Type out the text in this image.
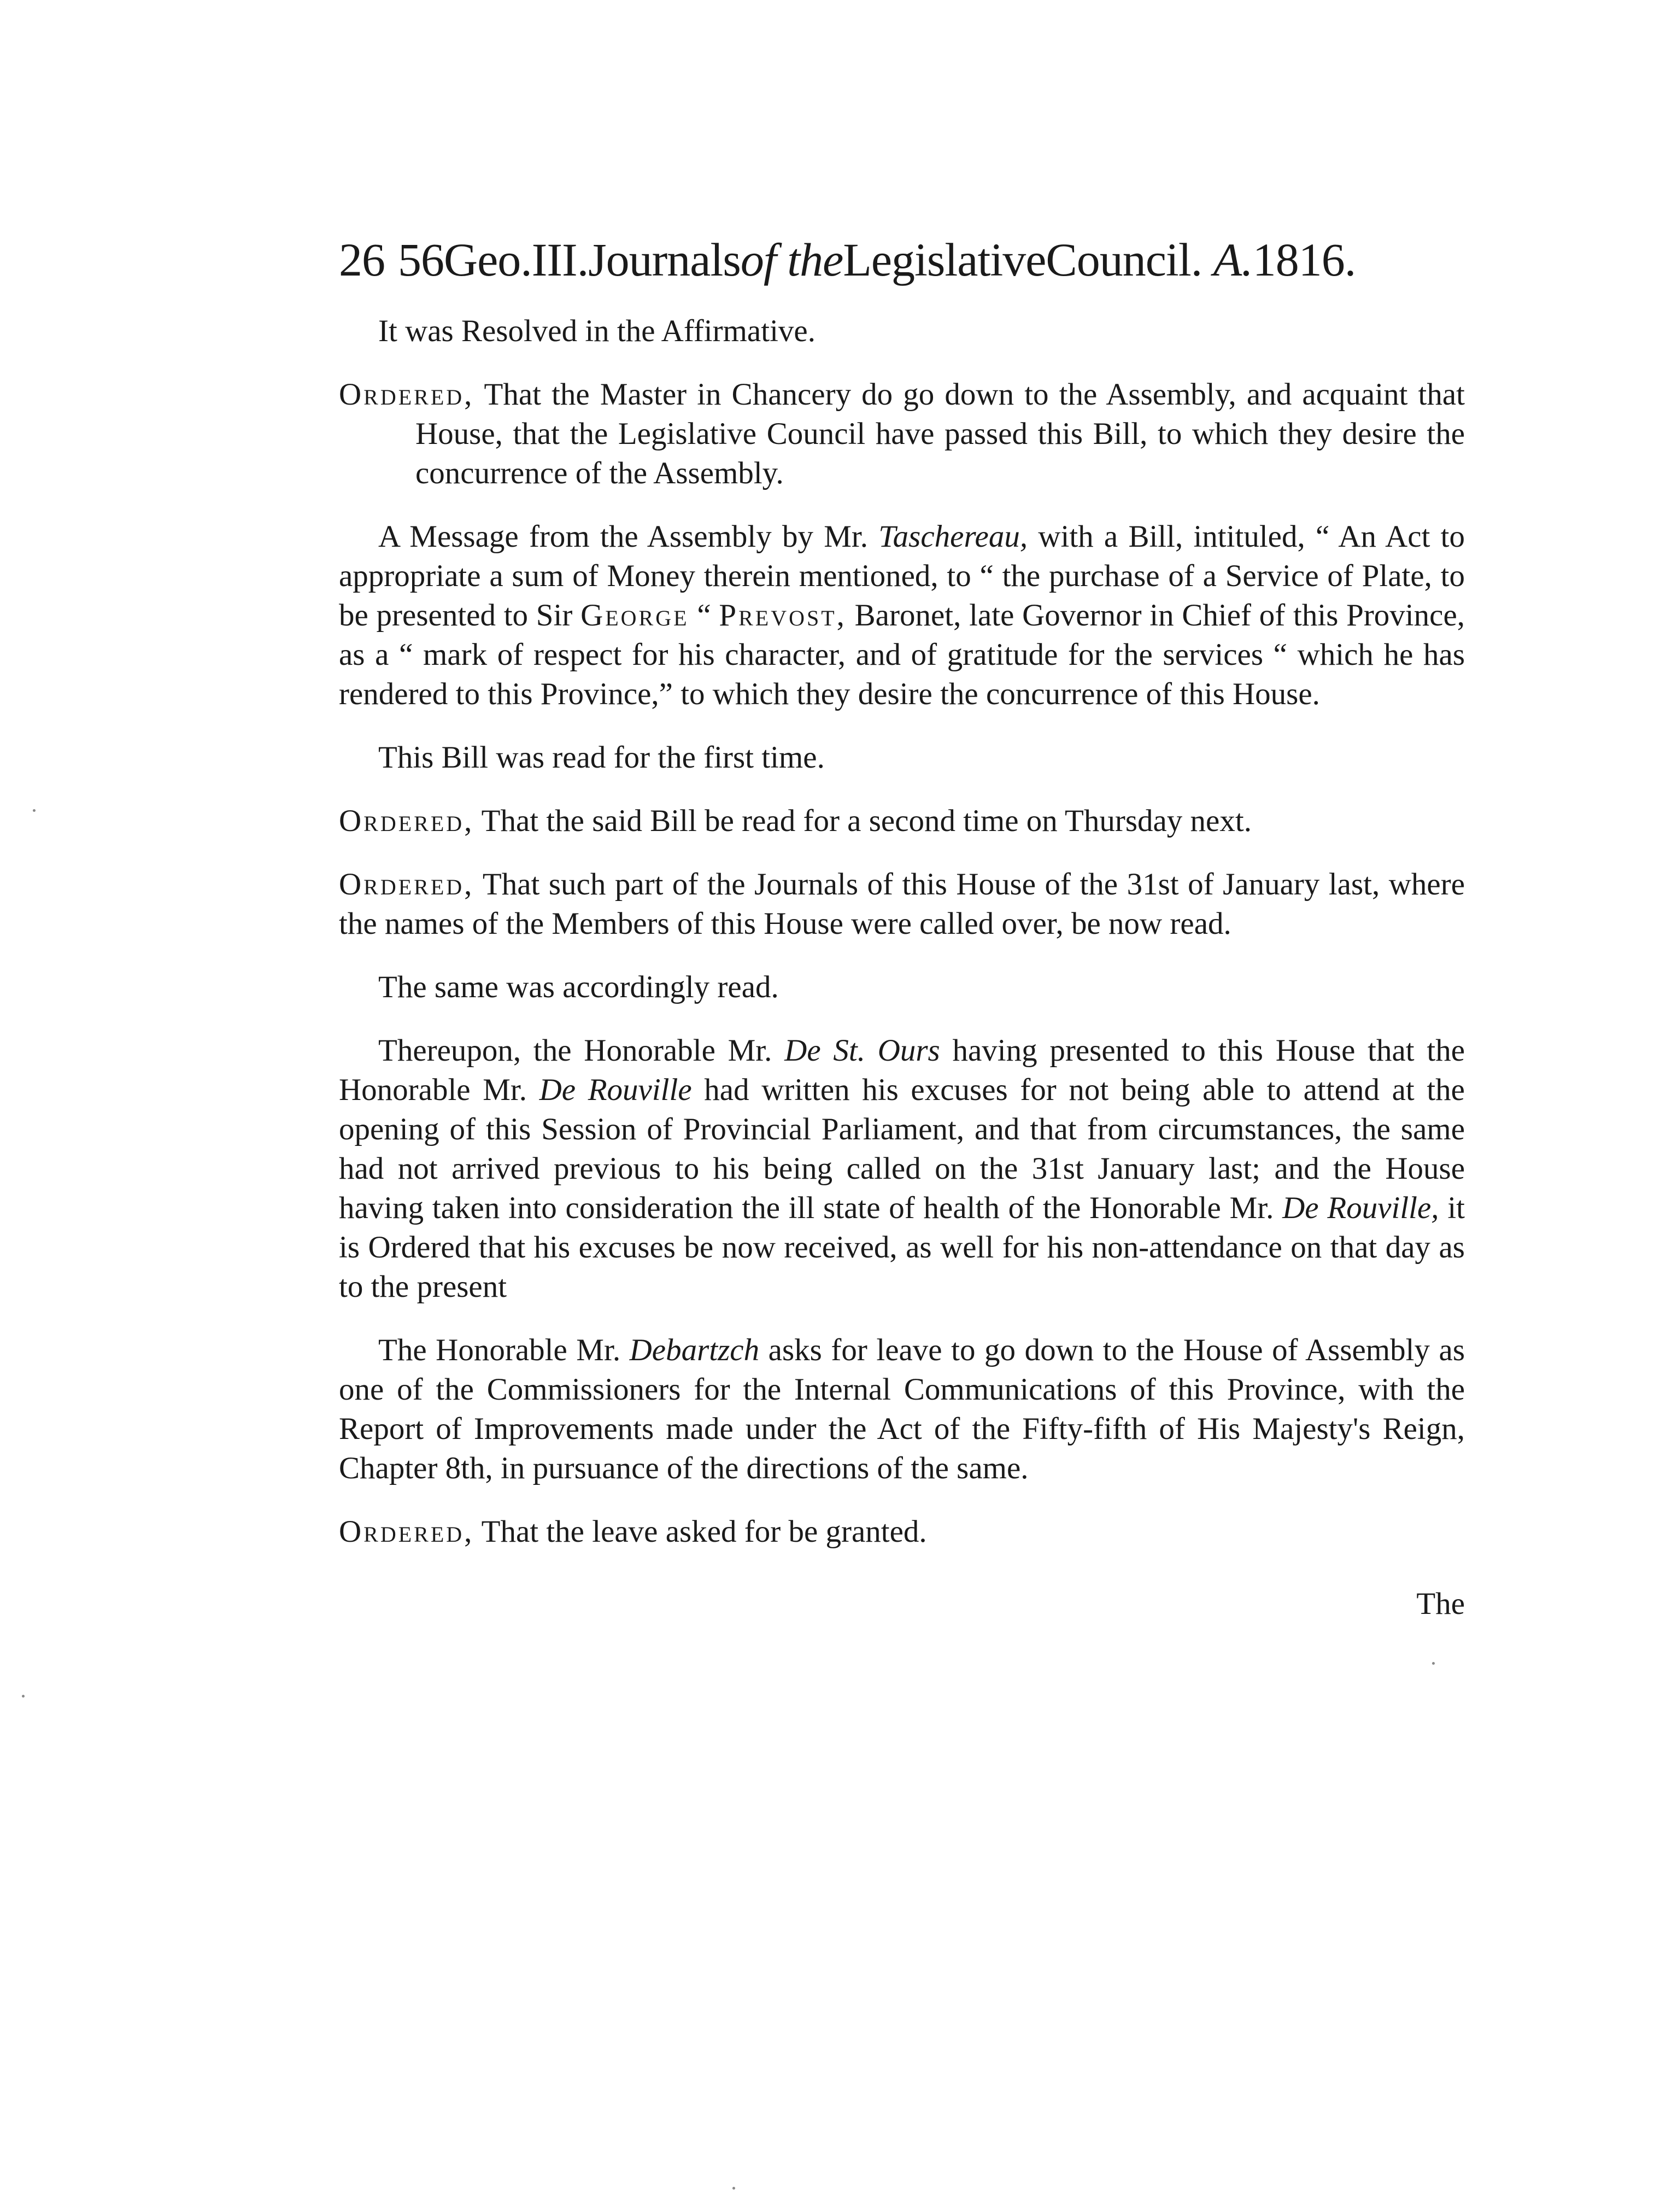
26 56Geo.III.Journalsof theLegislativeCouncil. A.1816.

It was Resolved in the Affirmative.

Ordered, That the Master in Chancery do go down to the Assembly, and acquaint that House, that the Legislative Council have passed this Bill, to which they desire the concurrence of the Assembly.

A Message from the Assembly by Mr. Taschereau, with a Bill, intituled, “ An Act to appropriate a sum of Money therein mentioned, to “ the purchase of a Service of Plate, to be presented to Sir George “ Prevost, Baronet, late Governor in Chief of this Province, as a “ mark of respect for his character, and of gratitude for the services “ which he has rendered to this Province,” to which they desire the concurrence of this House.

This Bill was read for the first time.

Ordered, That the said Bill be read for a second time on Thursday next.

Ordered, That such part of the Journals of this House of the 31st of January last, where the names of the Members of this House were called over, be now read.

The same was accordingly read.

Thereupon, the Honorable Mr. De St. Ours having presented to this House that the Honorable Mr. De Rouville had written his excuses for not being able to attend at the opening of this Session of Provincial Parliament, and that from circumstances, the same had not arrived previous to his being called on the 31st January last; and the House having taken into consideration the ill state of health of the Honorable Mr. De Rouville, it is Ordered that his excuses be now received, as well for his non-attendance on that day as to the present

The Honorable Mr. Debartzch asks for leave to go down to the House of Assembly as one of the Commissioners for the Internal Communications of this Province, with the Report of Improvements made under the Act of the Fifty-fifth of His Majesty's Reign, Chapter 8th, in pursuance of the directions of the same.

Ordered, That the leave asked for be granted.

The
